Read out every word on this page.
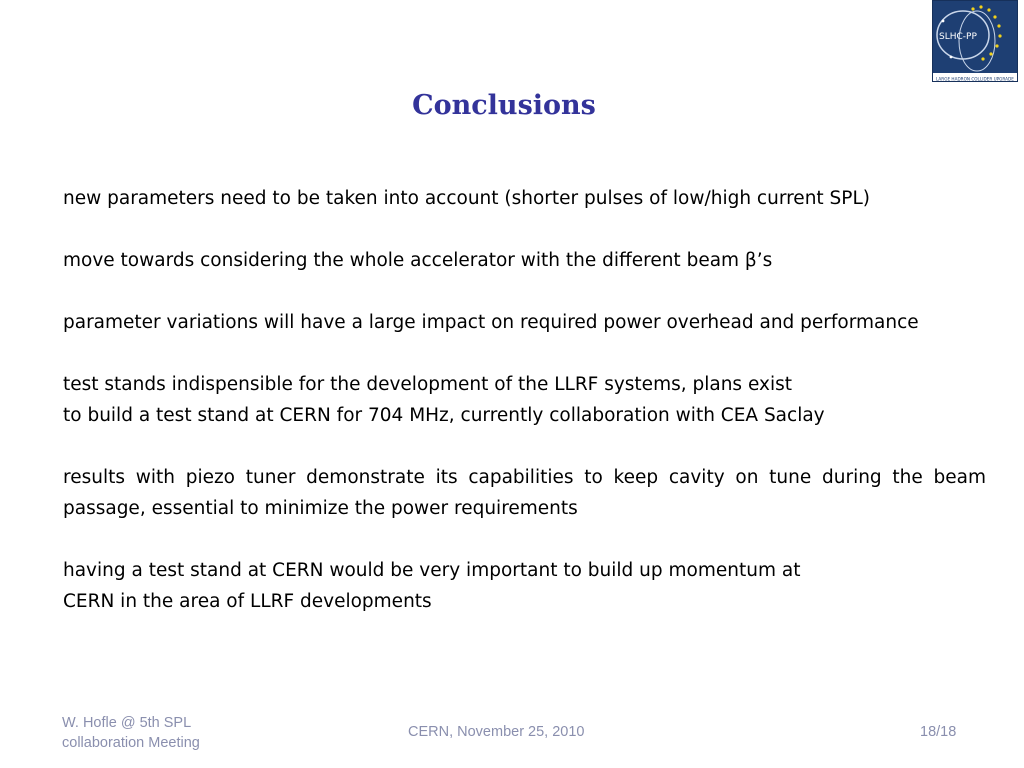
SLHC-PP
LARGE HADRON COLLIDER UPGRADE
Conclusions
new parameters need to be taken into account (shorter pulses of low/high current SPL)
move towards considering the whole accelerator with the different beam β’s
parameter variations will have a large impact on required power overhead and performance
test stands indispensible for the development of the LLRF systems, plans exist
to build a test stand at CERN for 704 MHz, currently collaboration with CEA Saclay
results with piezo tuner demonstrate its capabilities to keep cavity on tune during the beam passage, essential to minimize the power requirements
having a test stand at CERN would be very important to build up momentum at
CERN in the area of LLRF developments
W. Hofle @ 5th SPL
collaboration Meeting
CERN, November 25, 2010	18/18
